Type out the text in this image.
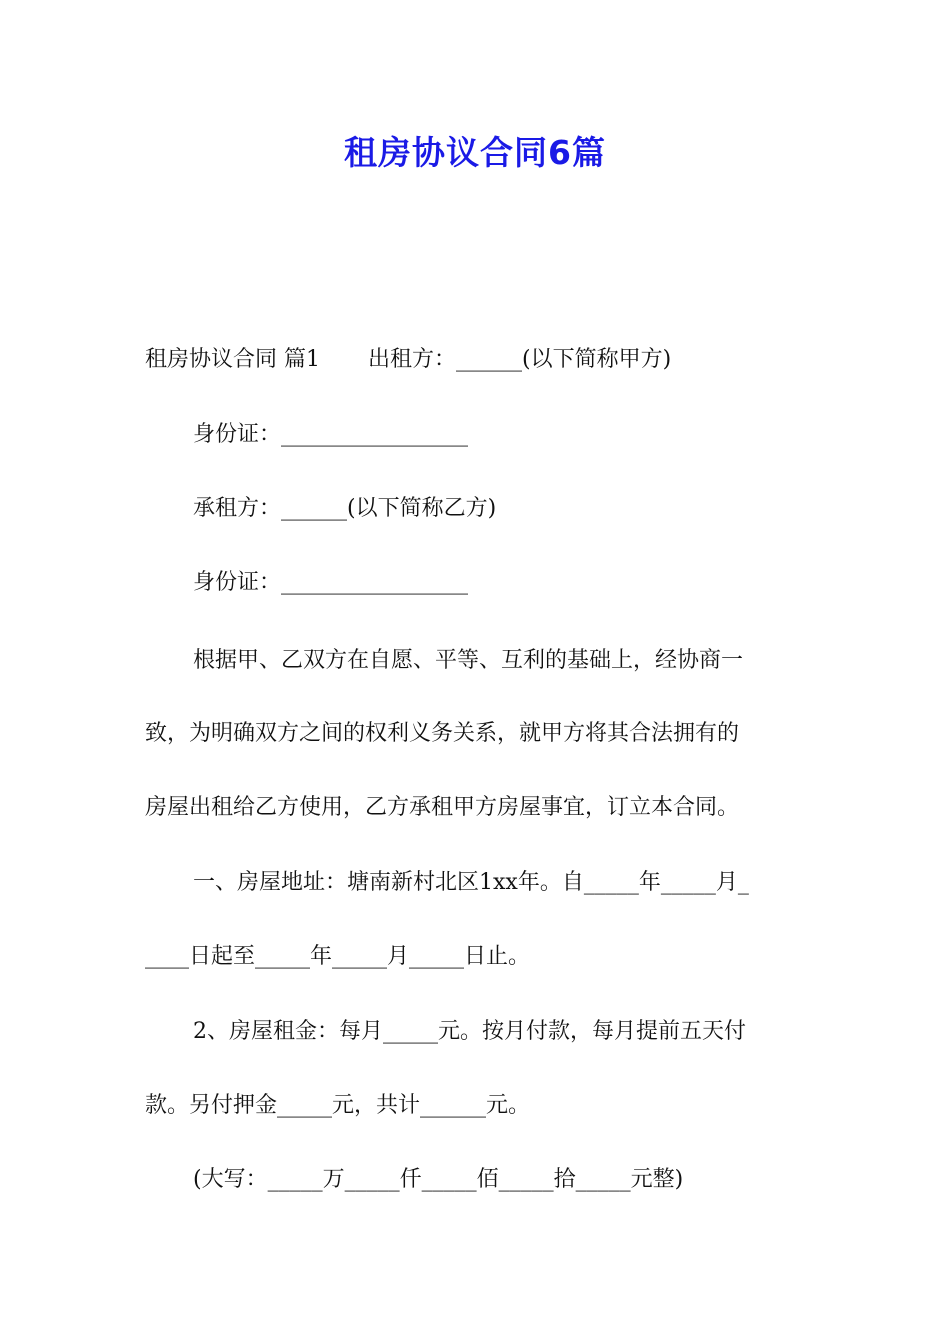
租房协议合同6篇
租房协议合同 篇1 出租方：______(以下简称甲方)
身份证：_________________
承租方：______(以下简称乙方)
身份证：_________________
根据甲、乙双方在自愿、平等、互利的基础上，经协商一
致，为明确双方之间的权利义务关系，就甲方将其合法拥有的
房屋出租给乙方使用，乙方承租甲方房屋事宜，订立本合同。
一、房屋地址：塘南新村北区1xx年。自_____年_____月_
____日起至_____年_____月_____日止。
2、房屋租金：每月_____元。按月付款，每月提前五天付
款。另付押金_____元，共计______元。
(大写：_____万_____仟_____佰_____拾_____元整)
